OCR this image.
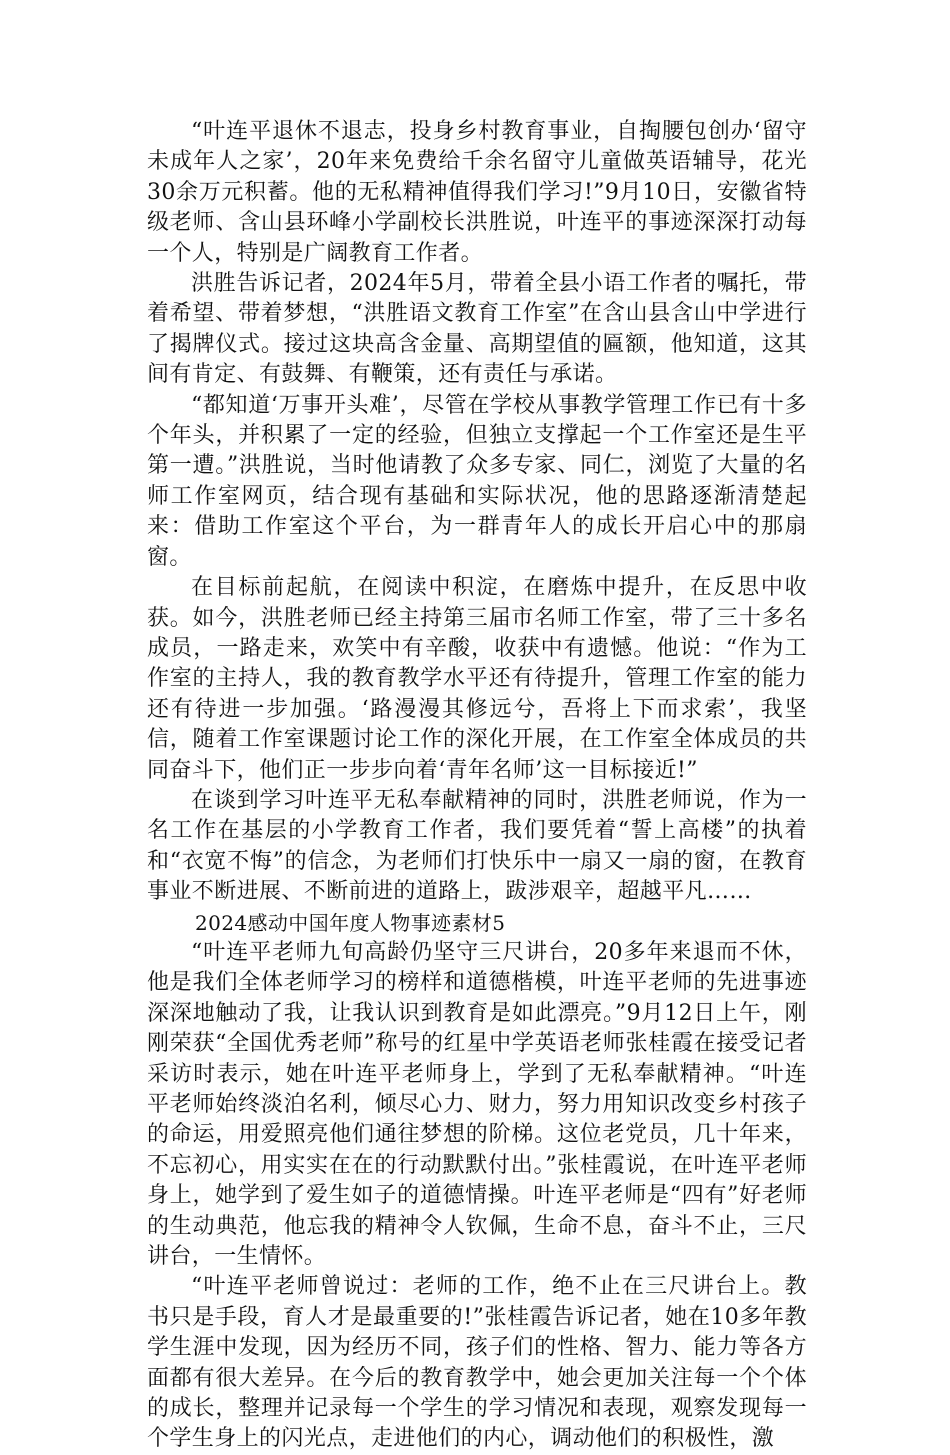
“叶连平退休不退志，投身乡村教育事业，自掏腰包创办‘留守未成年人之家’，20年来免费给千余名留守儿童做英语辅导，花光30余万元积蓄。他的无私精神值得我们学习!”9月10日，安徽省特级老师、含山县环峰小学副校长洪胜说，叶连平的事迹深深打动每一个人，特别是广阔教育工作者。

洪胜告诉记者，2024年5月，带着全县小语工作者的嘱托，带着希望、带着梦想，“洪胜语文教育工作室”在含山县含山中学进行了揭牌仪式。接过这块高含金量、高期望值的匾额，他知道，这其间有肯定、有鼓舞、有鞭策，还有责任与承诺。

“都知道‘万事开头难’，尽管在学校从事教学管理工作已有十多个年头，并积累了一定的经验，但独立支撑起一个工作室还是生平第一遭。”洪胜说，当时他请教了众多专家、同仁，浏览了大量的名师工作室网页，结合现有基础和实际状况，他的思路逐渐清楚起来：借助工作室这个平台，为一群青年人的成长开启心中的那扇窗。

在目标前起航，在阅读中积淀，在磨炼中提升，在反思中收获。如今，洪胜老师已经主持第三届市名师工作室，带了三十多名成员，一路走来，欢笑中有辛酸，收获中有遗憾。他说：“作为工作室的主持人，我的教育教学水平还有待提升，管理工作室的能力还有待进一步加强。‘路漫漫其修远兮，吾将上下而求索’，我坚信，随着工作室课题讨论工作的深化开展，在工作室全体成员的共同奋斗下，他们正一步步向着‘青年名师’这一目标接近!”

在谈到学习叶连平无私奉献精神的同时，洪胜老师说，作为一名工作在基层的小学教育工作者，我们要凭着“誓上高楼”的执着和“衣宽不悔”的信念，为老师们打快乐中一扇又一扇的窗，在教育事业不断进展、不断前进的道路上，跋涉艰辛，超越平凡……

2024感动中国年度人物事迹素材5

“叶连平老师九旬高龄仍坚守三尺讲台，20多年来退而不休，他是我们全体老师学习的榜样和道德楷模，叶连平老师的先进事迹深深地触动了我，让我认识到教育是如此漂亮。”9月12日上午，刚刚荣获“全国优秀老师”称号的红星中学英语老师张桂霞在接受记者采访时表示，她在叶连平老师身上，学到了无私奉献精神。“叶连平老师始终淡泊名利，倾尽心力、财力，努力用知识改变乡村孩子的命运，用爱照亮他们通往梦想的阶梯。这位老党员，几十年来，不忘初心，用实实在在的行动默默付出。”张桂霞说，在叶连平老师身上，她学到了爱生如子的道德情操。叶连平老师是“四有”好老师的生动典范，他忘我的精神令人钦佩，生命不息，奋斗不止，三尺讲台，一生情怀。

“叶连平老师曾说过：老师的工作，绝不止在三尺讲台上。教书只是手段，育人才是最重要的!”张桂霞告诉记者，她在10多年教学生涯中发现，因为经历不同，孩子们的性格、智力、能力等各方面都有很大差异。在今后的教育教学中，她会更加关注每一个个体的成长，整理并记录每一个学生的学习情况和表现，观察发现每一个学生身上的闪光点，走进他们的内心，调动他们的积极性，激
